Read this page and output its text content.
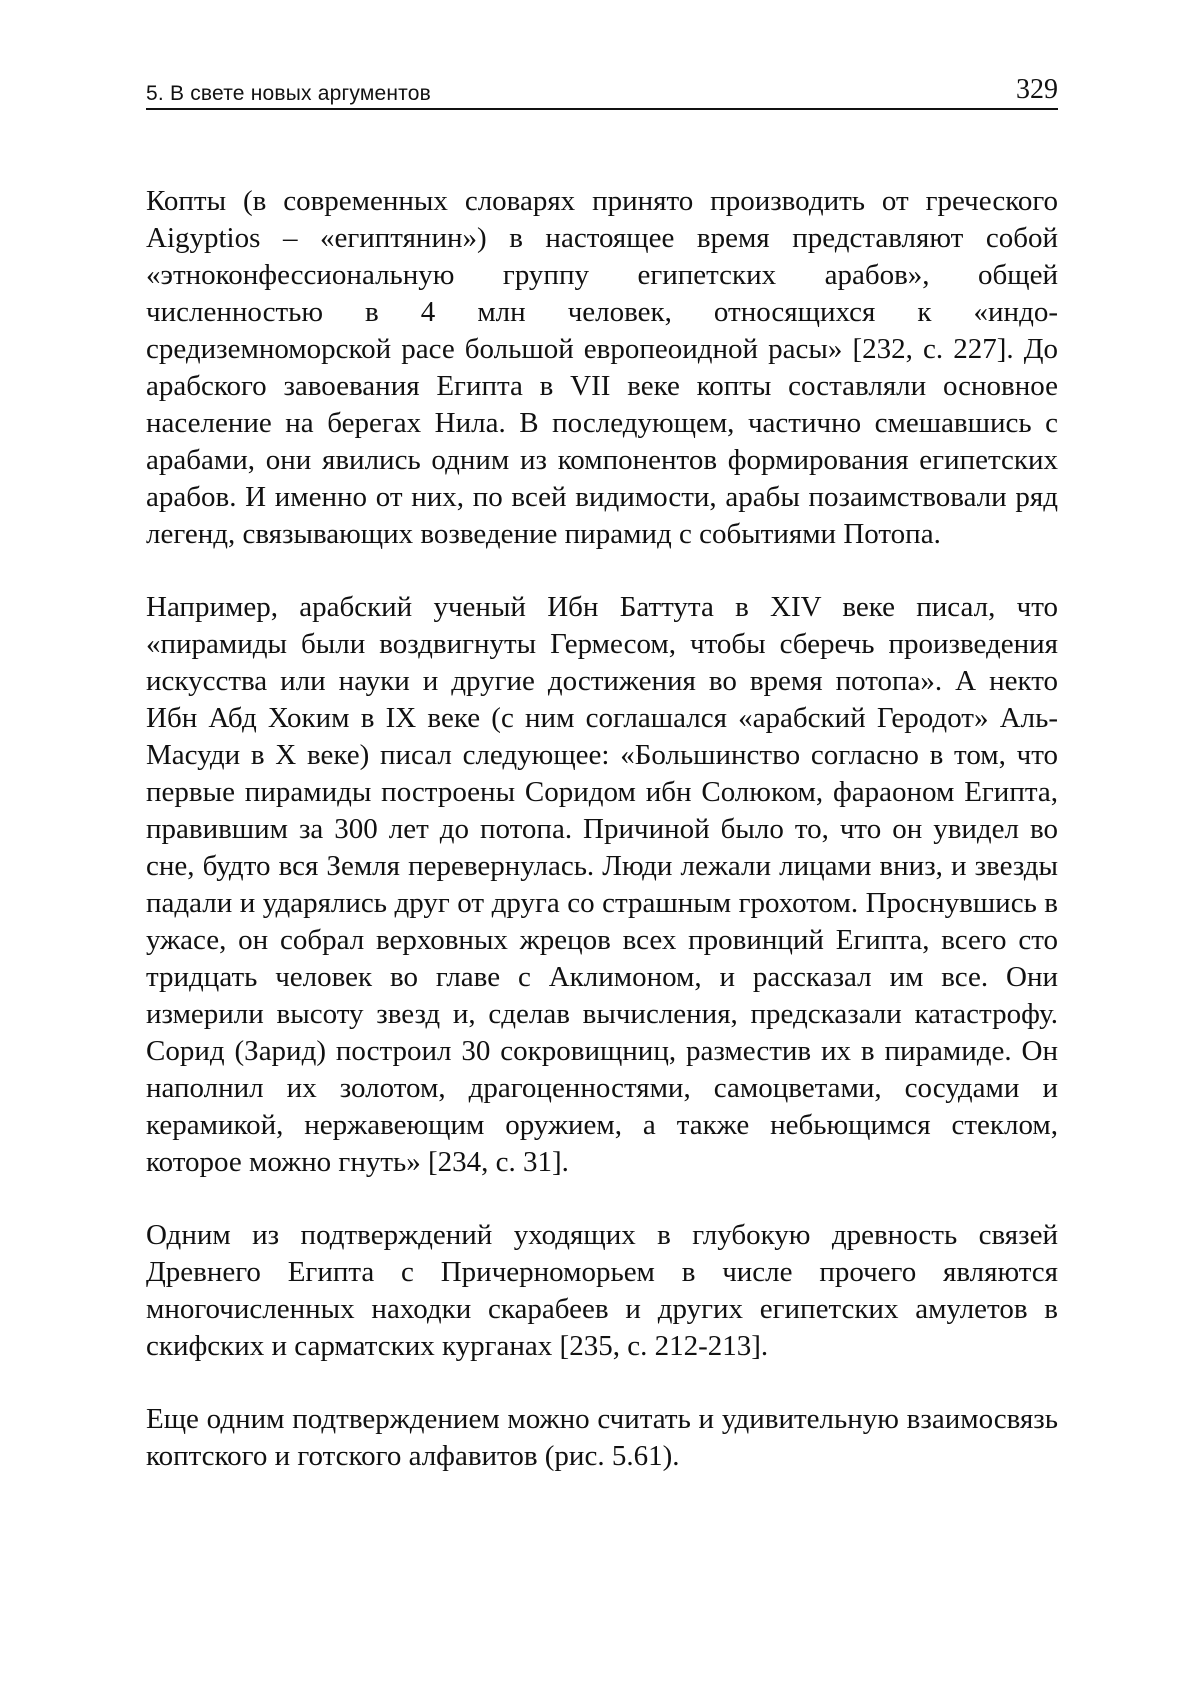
5. В свете новых аргументов	329

Копты (в современных словарях принято производить от греческого Aigyptios – «египтянин») в настоящее время представляют собой «этноконфессиональную группу египетских арабов», общей численностью в 4 млн человек, относящихся к «индо-средиземноморской расе большой европеоидной расы» [232, с. 227]. До арабского завоевания Египта в VII веке копты составляли основное население на берегах Нила. В последующем, частично смешавшись с арабами, они явились одним из компонентов формирования египетских арабов. И именно от них, по всей видимости, арабы позаимствовали ряд легенд, связывающих возведение пирамид с событиями Потопа.

Например, арабский ученый Ибн Баттута в XIV веке писал, что «пирамиды были воздвигнуты Гермесом, чтобы сберечь произведения искусства или науки и другие достижения во время потопа». А некто Ибн Абд Хоким в IX веке (с ним соглашался «арабский Геродот» Аль-Масуди в X веке) писал следующее: «Большинство согласно в том, что первые пирамиды построены Соридом ибн Солюком, фараоном Египта, правившим за 300 лет до потопа. Причиной было то, что он увидел во сне, будто вся Земля перевернулась. Люди лежали лицами вниз, и звезды падали и ударялись друг от друга со страшным грохотом. Проснувшись в ужасе, он собрал верховных жрецов всех провинций Египта, всего сто тридцать человек во главе с Аклимоном, и рассказал им все. Они измерили высоту звезд и, сделав вычисления, предсказали катастрофу. Сорид (Зарид) построил 30 сокровищниц, разместив их в пирамиде. Он наполнил их золотом, драгоценностями, самоцветами, сосудами и керамикой, нержавеющим оружием, а также небьющимся стеклом, которое можно гнуть» [234, с. 31].

Одним из подтверждений уходящих в глубокую древность связей Древнего Египта с Причерноморьем в числе прочего являются многочисленных находки скарабеев и других египетских амулетов в скифских и сарматских курганах [235, с. 212-213].

Еще одним подтверждением можно считать и удивительную взаимосвязь коптского и готского алфавитов (рис. 5.61).
